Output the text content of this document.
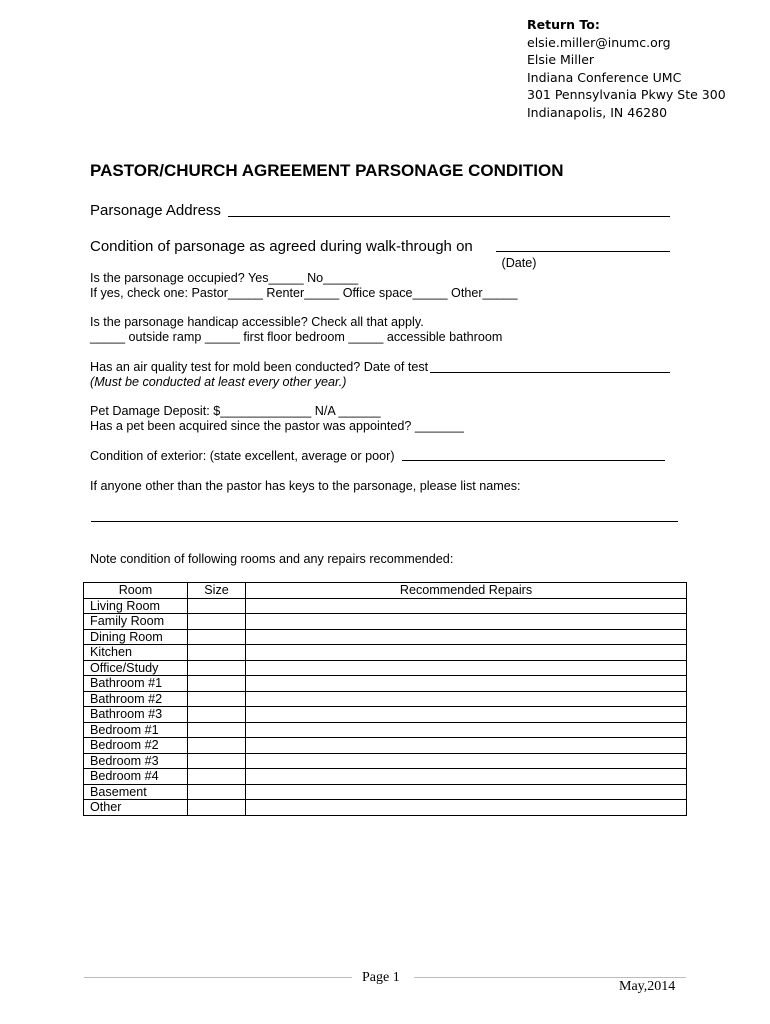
Return To:
elsie.miller@inumc.org
Elsie Miller
Indiana Conference UMC
301 Pennsylvania Pkwy Ste 300
Indianapolis, IN 46280
PASTOR/CHURCH AGREEMENT PARSONAGE CONDITION
Parsonage Address
Condition of parsonage as agreed during walk-through on
(Date)
Is the parsonage occupied? Yes_____ No_____
If yes, check one: Pastor_____ Renter_____ Office space_____ Other_____
Is the parsonage handicap accessible? Check all that apply.
_____ outside ramp _____ first floor bedroom _____ accessible bathroom
Has an air quality test for mold been conducted? Date of test
(Must be conducted at least every other year.)
Pet Damage Deposit: $_____________ N/A ______
Has a pet been acquired since the pastor was appointed? _______
Condition of exterior: (state excellent, average or poor)
If anyone other than the pastor has keys to the parsonage, please list names:
Note condition of following rooms and any repairs recommended:
Room	Size	Recommended Repairs
Living Room		
Family Room		
Dining Room		
Kitchen		
Office/Study		
Bathroom #1		
Bathroom #2		
Bathroom #3		
Bedroom #1		
Bedroom #2		
Bedroom #3		
Bedroom #4		
Basement		
Other		
Page 1
May,2014
